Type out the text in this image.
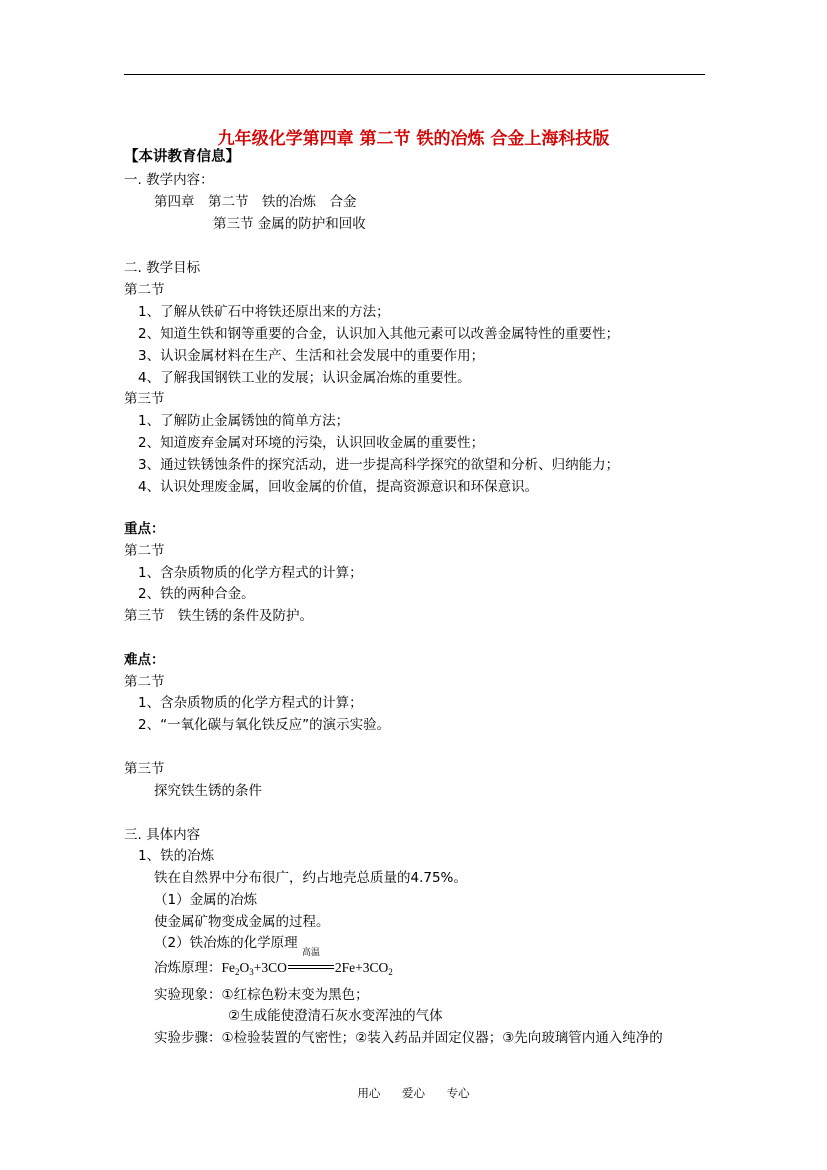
九年级化学第四章 第二节 铁的冶炼 合金上海科技版
【本讲教育信息】
一. 教学内容：
第四章　第二节　铁的冶炼　合金
第三节 金属的防护和回收
二. 教学目标
第二节
1、了解从铁矿石中将铁还原出来的方法；
2、知道生铁和钢等重要的合金，认识加入其他元素可以改善金属特性的重要性；
3、认识金属材料在生产、生活和社会发展中的重要作用；
4、了解我国钢铁工业的发展；认识金属冶炼的重要性。
第三节
1、了解防止金属锈蚀的简单方法；
2、知道废弃金属对环境的污染，认识回收金属的重要性；
3、通过铁锈蚀条件的探究活动，进一步提高科学探究的欲望和分析、归纳能力；
4、认识处理废金属，回收金属的价值，提高资源意识和环保意识。
重点：
第二节
1、含杂质物质的化学方程式的计算；
2、铁的两种合金。
第三节　铁生锈的条件及防护。
难点：
第二节
1、含杂质物质的化学方程式的计算；
2、“一氧化碳与氧化铁反应”的演示实验。
第三节
探究铁生锈的条件
三. 具体内容
1、铁的冶炼
铁在自然界中分布很广，约占地壳总质量的4.75%。
（1）金属的冶炼
使金属矿物变成金属的过程。
（2）铁冶炼的化学原理
冶炼原理：$Fe_2O_3+3CO$
高温
$2Fe+3CO_2$
实验现象：①红棕色粉末变为黑色；
②生成能使澄清石灰水变浑浊的气体
实验步骤：①检验装置的气密性；②装入药品并固定仪器；③先向玻璃管内通入纯净的
用心 爱心 专心
